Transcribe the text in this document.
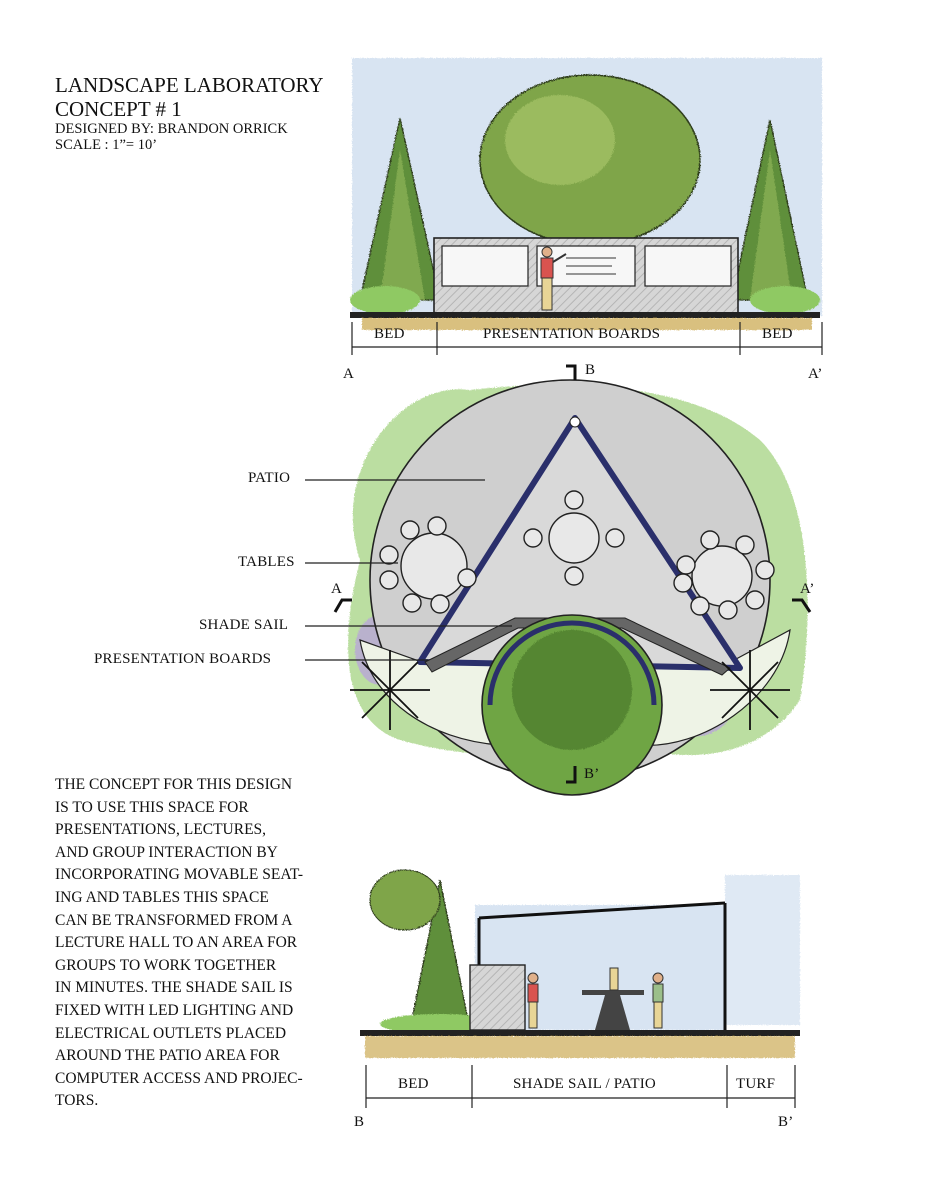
LANDSCAPE LABORATORY
CONCEPT # 1
DESIGNED BY: BRANDON ORRICK
SCALE : 1”= 10’
BED	PRESENTATION BOARDS	BED
A	A’
B
PATIO
TABLES
A	A’
SHADE SAIL
PRESENTATION BOARDS
B’

THE CONCEPT FOR THIS DESIGN
IS TO USE THIS SPACE FOR
PRESENTATIONS, LECTURES,
AND GROUP INTERACTION BY
INCORPORATING MOVABLE SEAT-
ING AND TABLES THIS SPACE
CAN BE TRANSFORMED FROM A
LECTURE HALL TO AN AREA FOR
GROUPS TO WORK TOGETHER
IN MINUTES. THE SHADE SAIL IS
FIXED WITH LED LIGHTING AND
ELECTRICAL OUTLETS PLACED
AROUND THE PATIO AREA FOR
COMPUTER ACCESS AND PROJEC-
TORS.

BED	SHADE SAIL / PATIO	TURF
B	B’
